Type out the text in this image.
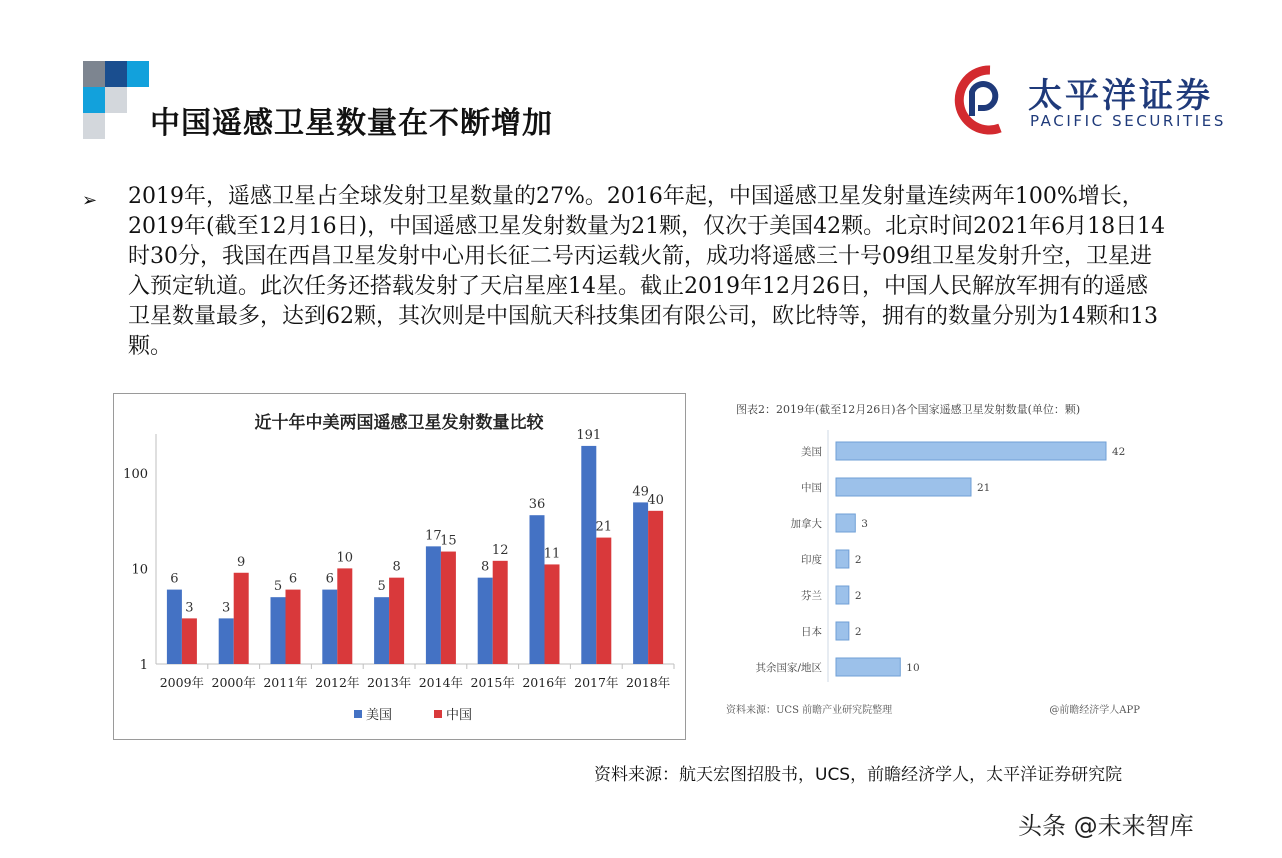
中国遥感卫星数量在不断增加
太平洋证券
PACIFIC SECURITIES
➢ 2019年，遥感卫星占全球发射卫星数量的27%。2016年起，中国遥感卫星发射量连续两年100%增长，2019年(截至12月16日)，中国遥感卫星发射数量为21颗，仅次于美国42颗。北京时间2021年6月18日14时30分，我国在西昌卫星发射中心用长征二号丙运载火箭，成功将遥感三十号09组卫星发射升空，卫星进入预定轨道。此次任务还搭载发射了天启星座14星。截止2019年12月26日，中国人民解放军拥有的遥感卫星数量最多，达到62颗，其次则是中国航天科技集团有限公司，欧比特等，拥有的数量分别为14颗和13颗。
近十年中美两国遥感卫星发射数量比较
1
10
100
2009年
6
3
2000年
3
9
2011年
5
6
2012年
6
10
2013年
5
8
2014年
17
15
2015年
8
12
2016年
36
11
2017年
191
21
2018年
49
40
美国	中国
图表2：2019年(截至12月26日)各个国家遥感卫星发射数量(单位：颗)
美国	42
中国	21
加拿大	3
印度	2
芬兰	2
日本	2
其余国家/地区	10
资料来源：UCS 前瞻产业研究院整理	@前瞻经济学人APP
资料来源：航天宏图招股书，UCS，前瞻经济学人，太平洋证券研究院
头条 @未来智库
